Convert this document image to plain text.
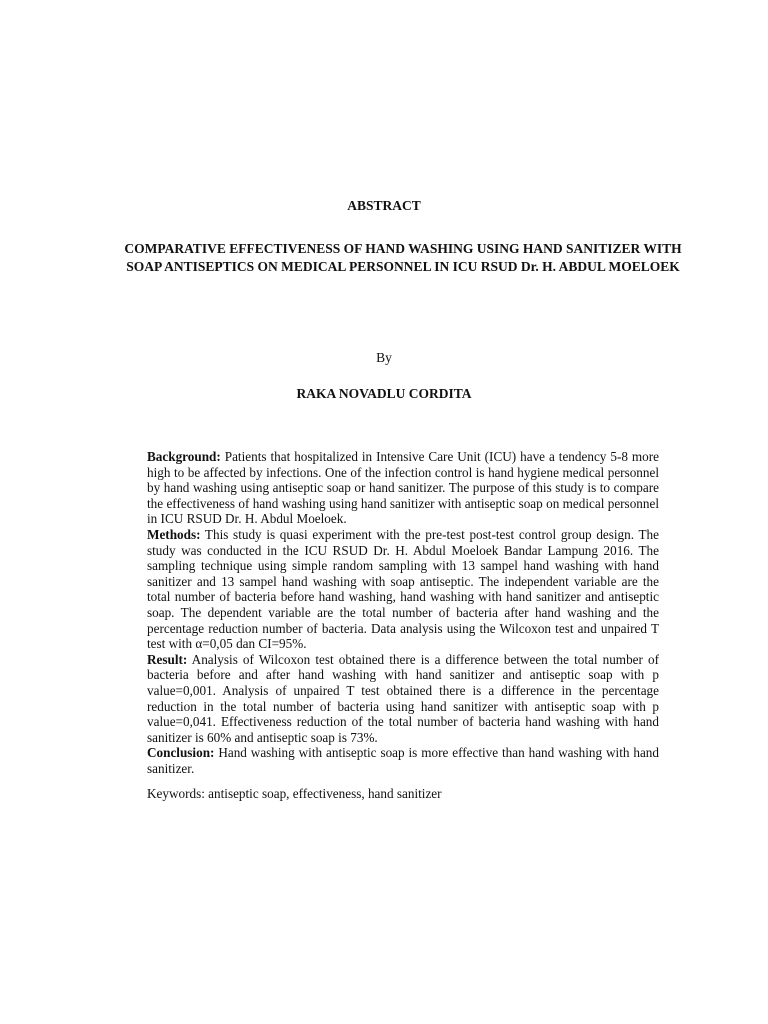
ABSTRACT
COMPARATIVE EFFECTIVENESS OF HAND WASHING USING HAND SANITIZER WITH SOAP ANTISEPTICS ON MEDICAL PERSONNEL IN ICU RSUD Dr. H. ABDUL MOELOEK

By

RAKA NOVADLU CORDITA

Background: Patients that hospitalized in Intensive Care Unit (ICU) have a tendency 5-8 more high to be affected by infections. One of the infection control is hand hygiene medical personnel by hand washing using antiseptic soap or hand sanitizer. The purpose of this study is to compare the effectiveness of hand washing using hand sanitizer with antiseptic soap on medical personnel in ICU RSUD Dr. H. Abdul Moeloek.

Methods: This study is quasi experiment with the pre-test post-test control group design. The study was conducted in the ICU RSUD Dr. H. Abdul Moeloek Bandar Lampung 2016. The sampling technique using simple random sampling with 13 sampel hand washing with hand sanitizer and 13 sampel hand washing with soap antiseptic. The independent variable are the total number of bacteria before hand washing, hand washing with hand sanitizer and antiseptic soap. The dependent variable are the total number of bacteria after hand washing and the percentage reduction number of bacteria. Data analysis using the Wilcoxon test and unpaired T test with α=0,05 dan CI=95%.

Result: Analysis of Wilcoxon test obtained there is a difference between the total number of bacteria before and after hand washing with hand sanitizer and antiseptic soap with p value=0,001. Analysis of unpaired T test obtained there is a difference in the percentage reduction in the total number of bacteria using hand sanitizer with antiseptic soap with p value=0,041. Effectiveness reduction of the total number of bacteria hand washing with hand sanitizer is 60% and antiseptic soap is 73%.

Conclusion: Hand washing with antiseptic soap is more effective than hand washing with hand sanitizer.

Keywords: antiseptic soap, effectiveness, hand sanitizer
